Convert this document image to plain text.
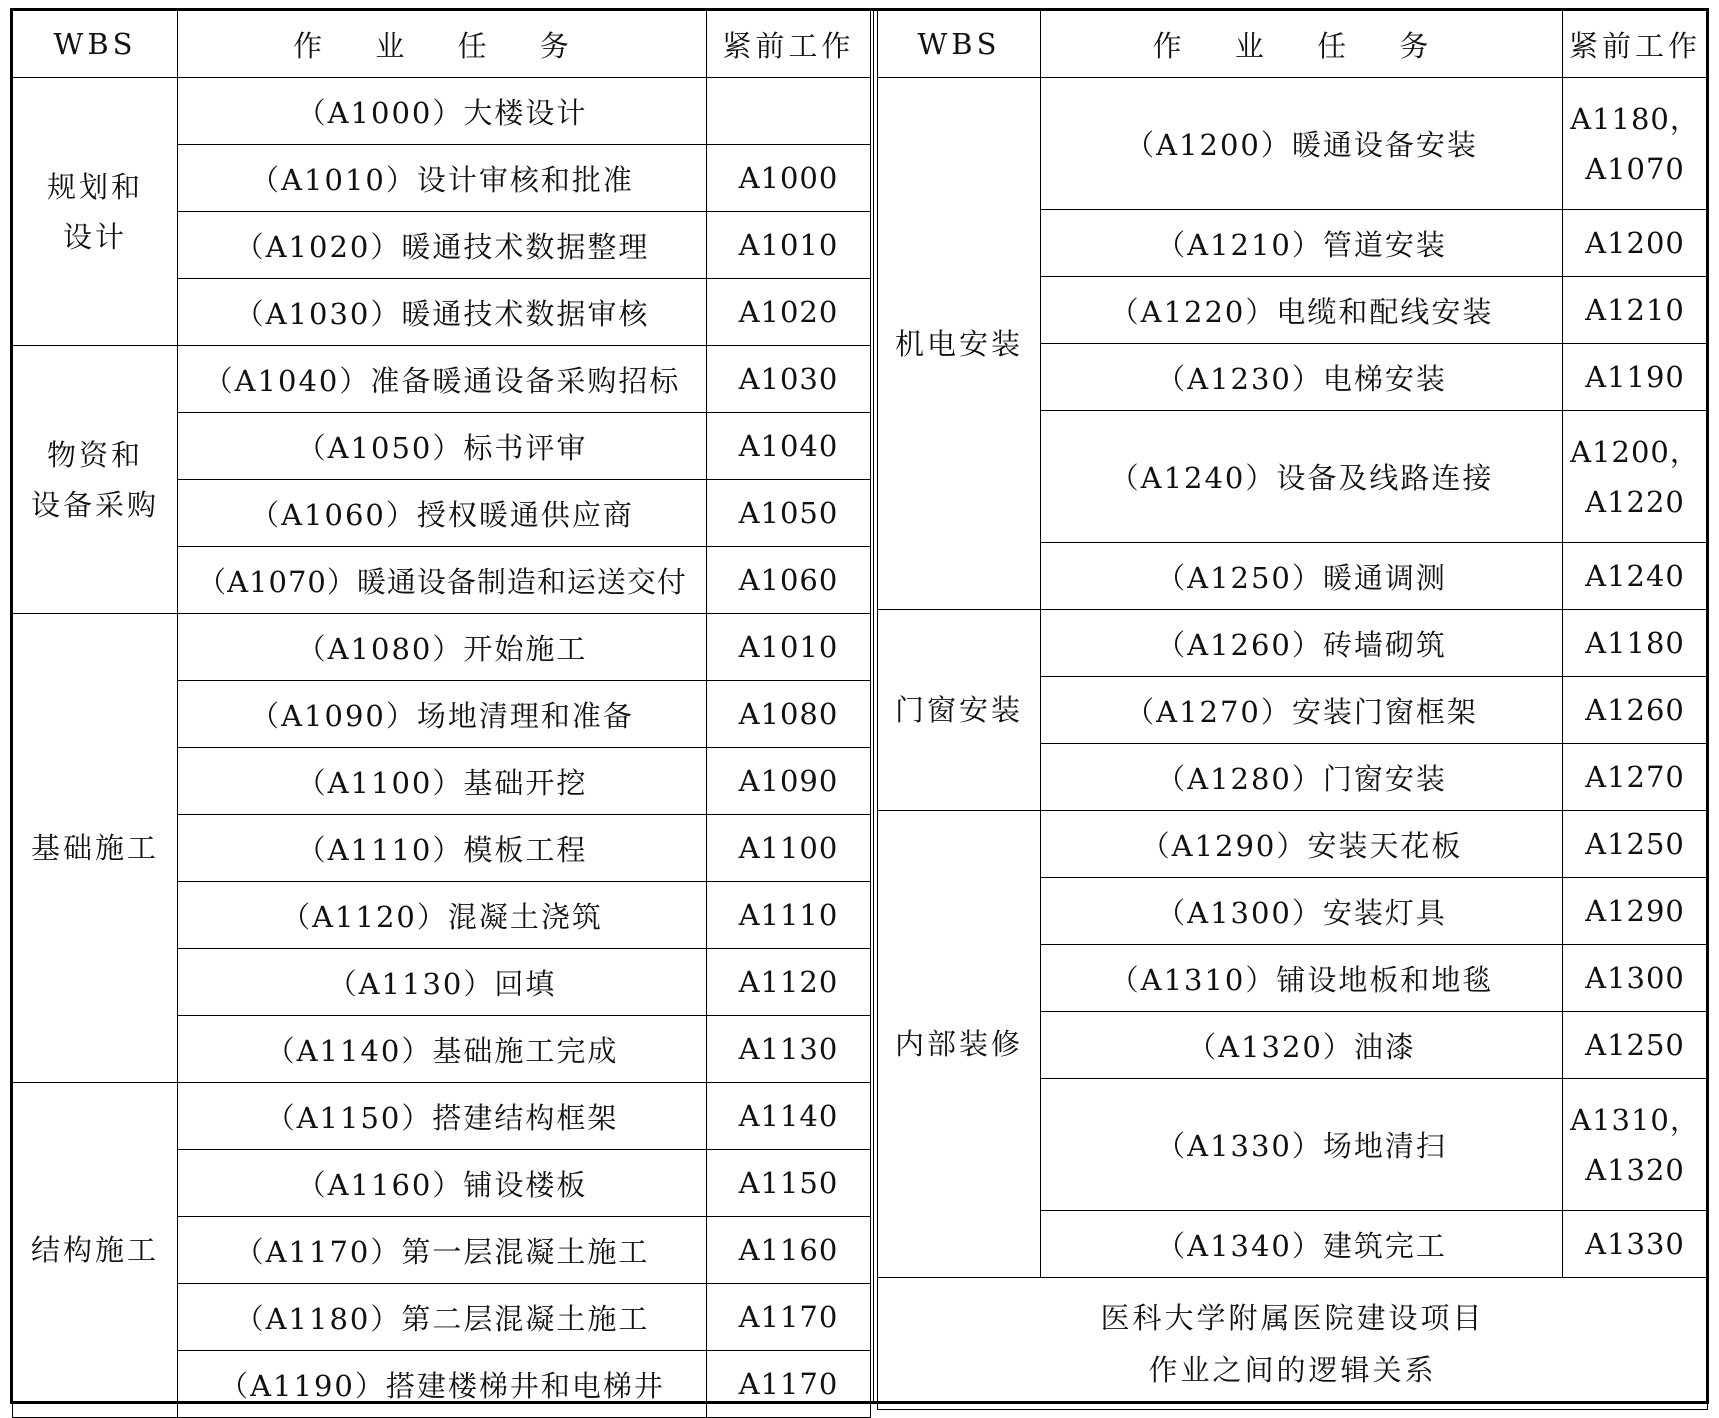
WBS	作 业 任 务	紧前工作
规划和
设计	（A1000）大楼设计	
	（A1010）设计审核和批准	A1000
	（A1020）暖通技术数据整理	A1010
	（A1030）暖通技术数据审核	A1020
物资和
设备采购	（A1040）准备暖通设备采购招标	A1030
	（A1050）标书评审	A1040
	（A1060）授权暖通供应商	A1050
	（A1070）暖通设备制造和运送交付	A1060
基础施工	（A1080）开始施工	A1010
	（A1090）场地清理和准备	A1080
	（A1100）基础开挖	A1090
	（A1110）模板工程	A1100
	（A1120）混凝土浇筑	A1110
	（A1130）回填	A1120
	（A1140）基础施工完成	A1130
结构施工	（A1150）搭建结构框架	A1140
	（A1160）铺设楼板	A1150
	（A1170）第一层混凝土施工	A1160
	（A1180）第二层混凝土施工	A1170
	（A1190）搭建楼梯井和电梯井	A1170
WBS	作 业 任 务	紧前工作
机电安装	（A1200）暖通设备安装	A1180，
A1070
	（A1210）管道安装	A1200
	（A1220）电缆和配线安装	A1210
	（A1230）电梯安装	A1190
	（A1240）设备及线路连接	A1200，
A1220
	（A1250）暖通调测	A1240
门窗安装	（A1260）砖墙砌筑	A1180
	（A1270）安装门窗框架	A1260
	（A1280）门窗安装	A1270
内部装修	（A1290）安装天花板	A1250
	（A1300）安装灯具	A1290
	（A1310）铺设地板和地毯	A1300
	（A1320）油漆	A1250
	（A1330）场地清扫	A1310，
A1320
	（A1340）建筑完工	A1330
医科大学附属医院建设项目
作业之间的逻辑关系		
